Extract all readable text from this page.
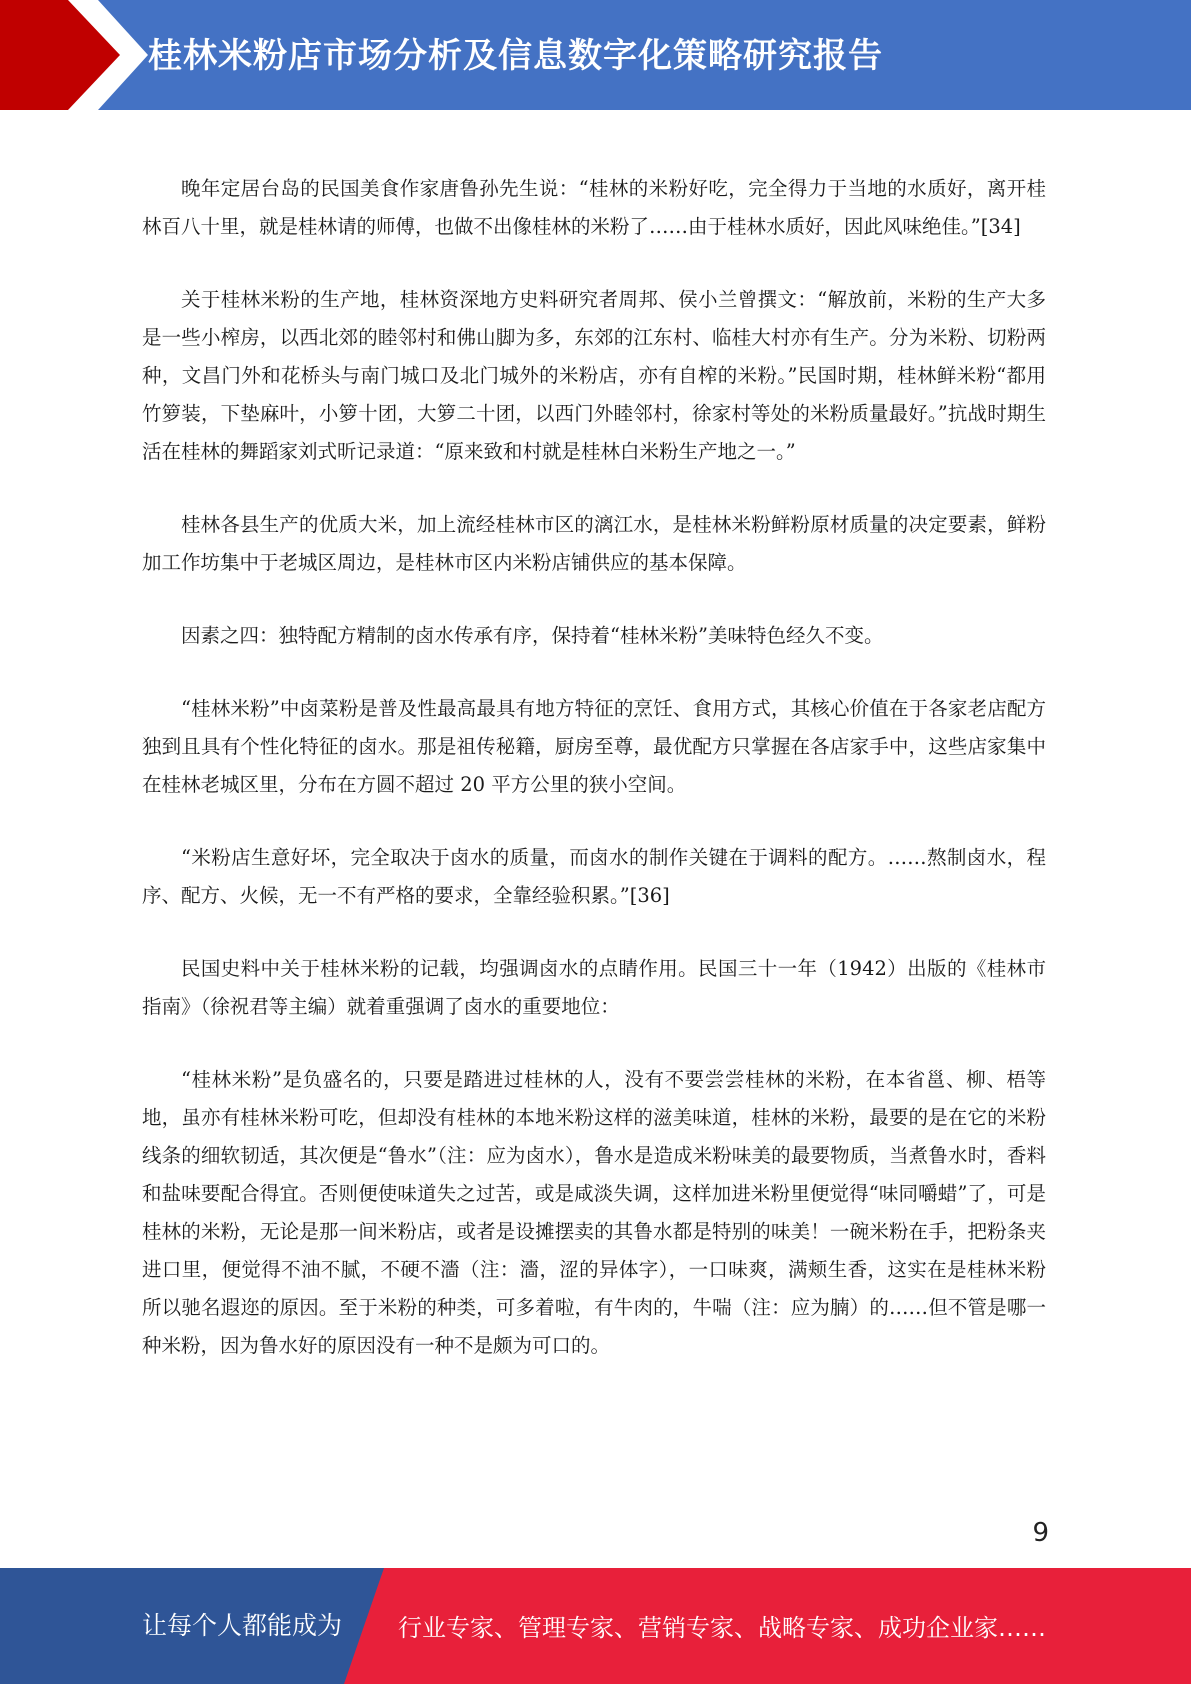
桂林米粉店市场分析及信息数字化策略研究报告

晚年定居台岛的民国美食作家唐鲁孙先生说：“桂林的米粉好吃，完全得力于当地的水质好，离开桂林百八十里，就是桂林请的师傅，也做不出像桂林的米粉了……由于桂林水质好，因此风味绝佳。”[34]

关于桂林米粉的生产地，桂林资深地方史料研究者周邦、侯小兰曾撰文：“解放前，米粉的生产大多是一些小榨房，以西北郊的睦邻村和佛山脚为多，东郊的江东村、临桂大村亦有生产。分为米粉、切粉两种，文昌门外和花桥头与南门城口及北门城外的米粉店，亦有自榨的米粉。”民国时期，桂林鲜米粉“都用竹箩装，下垫麻叶，小箩十团，大箩二十团，以西门外睦邻村，徐家村等处的米粉质量最好。”抗战时期生活在桂林的舞蹈家刘式昕记录道：“原来致和村就是桂林白米粉生产地之一。”

桂林各县生产的优质大米，加上流经桂林市区的漓江水，是桂林米粉鲜粉原材质量的决定要素，鲜粉加工作坊集中于老城区周边，是桂林市区内米粉店铺供应的基本保障。

因素之四：独特配方精制的卤水传承有序，保持着“桂林米粉”美味特色经久不变。

“桂林米粉”中卤菜粉是普及性最高最具有地方特征的烹饪、食用方式，其核心价值在于各家老店配方独到且具有个性化特征的卤水。那是祖传秘籍，厨房至尊，最优配方只掌握在各店家手中，这些店家集中在桂林老城区里，分布在方圆不超过 20 平方公里的狭小空间。

“米粉店生意好坏，完全取决于卤水的质量，而卤水的制作关键在于调料的配方。……熬制卤水，程序、配方、火候，无一不有严格的要求，全靠经验积累。”[36]

民国史料中关于桂林米粉的记载，均强调卤水的点睛作用。民国三十一年（1942）出版的《桂林市指南》（徐祝君等主编）就着重强调了卤水的重要地位：

“桂林米粉”是负盛名的，只要是踏进过桂林的人，没有不要尝尝桂林的米粉，在本省邕、柳、梧等地，虽亦有桂林米粉可吃，但却没有桂林的本地米粉这样的滋美味道，桂林的米粉，最要的是在它的米粉线条的细软韧适，其次便是“鲁水”（注：应为卤水），鲁水是造成米粉味美的最要物质，当煮鲁水时，香料和盐味要配合得宜。否则便使味道失之过苦，或是咸淡失调，这样加进米粉里便觉得“味同嚼蜡”了，可是桂林的米粉，无论是那一间米粉店，或者是设摊摆卖的其鲁水都是特别的味美！一碗米粉在手，把粉条夹进口里，便觉得不油不腻，不硬不濇（注：濇，涩的异体字），一口味爽，满颊生香，这实在是桂林米粉所以驰名遐迩的原因。至于米粉的种类，可多着啦，有牛肉的，牛喘（注：应为腩）的……但不管是哪一种米粉，因为鲁水好的原因没有一种不是颇为可口的。

9
让每个人都能成为 行业专家、管理专家、营销专家、战略专家、成功企业家……
